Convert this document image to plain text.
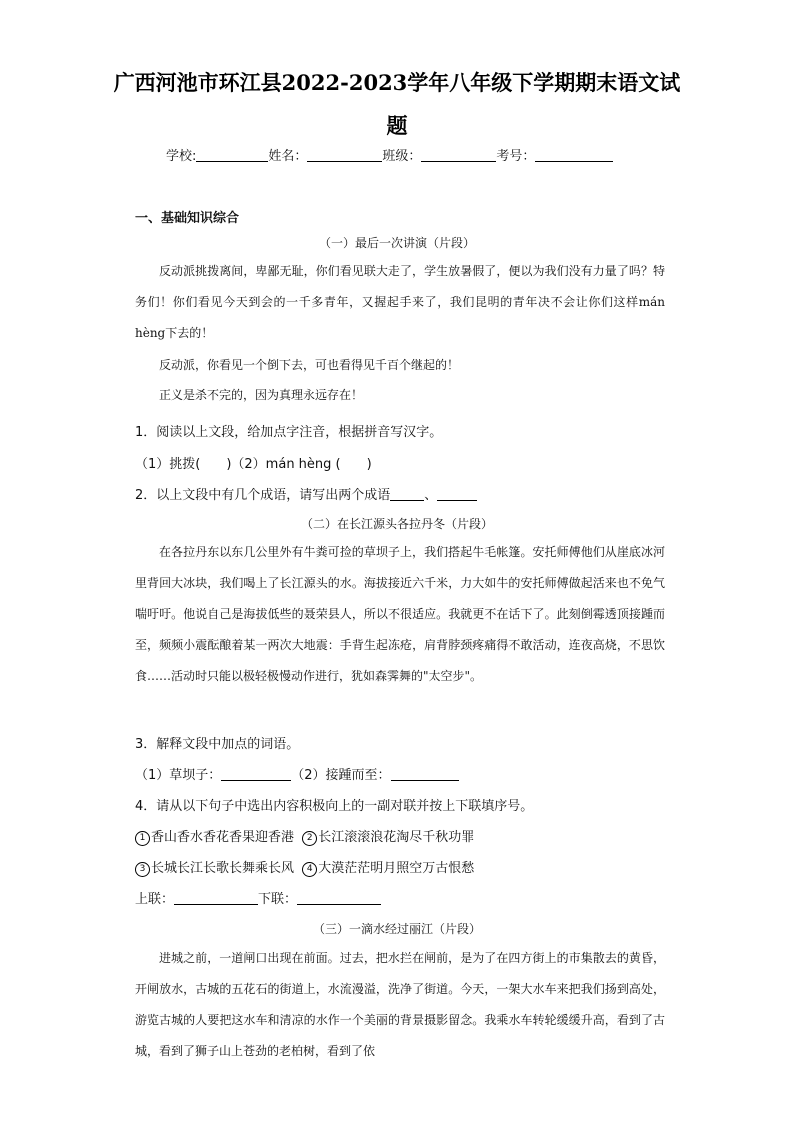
广西河池市环江县2022-2023学年八年级下学期期末语文试
题
学校:	姓名：	班级：	考号：
一、基础知识综合
（一）最后一次讲演（片段）

反动派挑拨离间，卑鄙无耻，你们看见联大走了，学生放暑假了，便以为我们没有力量了吗？特务们！你们看见今天到会的一千多青年，又握起手来了，我们昆明的青年决不会让你们这样mán hèng下去的！

反动派，你看见一个倒下去，可也看得见千百个继起的！

正义是杀不完的，因为真理永远存在！

1．阅读以上文段，给加点字注音，根据拼音写汉字。
（1）挑拨(　　)（2）mán hèng (　　)
2．以上文段中有几个成语，请写出两个成语	、
（二）在长江源头各拉丹冬（片段）

在各拉丹东以东几公里外有牛粪可捡的草坝子上，我们搭起牛毛帐篷。安托师傅他们从崖底冰河里背回大冰块，我们喝上了长江源头的水。海拔接近六千米，力大如牛的安托师傅做起活来也不免气喘吁吁。他说自己是海拔低些的聂荣县人，所以不很适应。我就更不在话下了。此刻倒霉透顶接踵而至，频频小震酝酿着某一两次大地震：手背生起冻疮，肩背脖颈疼痛得不敢活动，连夜高烧，不思饮食……活动时只能以极轻极慢动作进行，犹如森霁舞的"太空步"。

3．解释文段中加点的词语。
（1）草坝子：	（2）接踵而至：
4．请从以下句子中选出内容积极向上的一副对联并按上下联填序号。
1 香山香水香花香果迎香港 2 长江滚滚浪花淘尽千秋功罪
3 长城长江长歌长舞乘长风 4 大漠茫茫明月照空万古恨愁
上联：	下联：
（三）一滴水经过丽江（片段）

进城之前，一道闸口出现在前面。过去，把水拦在闸前，是为了在四方街上的市集散去的黄昏，开闸放水，古城的五花石的街道上，水流漫溢，洗净了街道。今天，一架大水车来把我们扬到高处，游览古城的人要把这水车和清凉的水作一个美丽的背景摄影留念。我乘水车转轮缓缓升高，看到了古城，看到了狮子山上苍劲的老柏树，看到了依
